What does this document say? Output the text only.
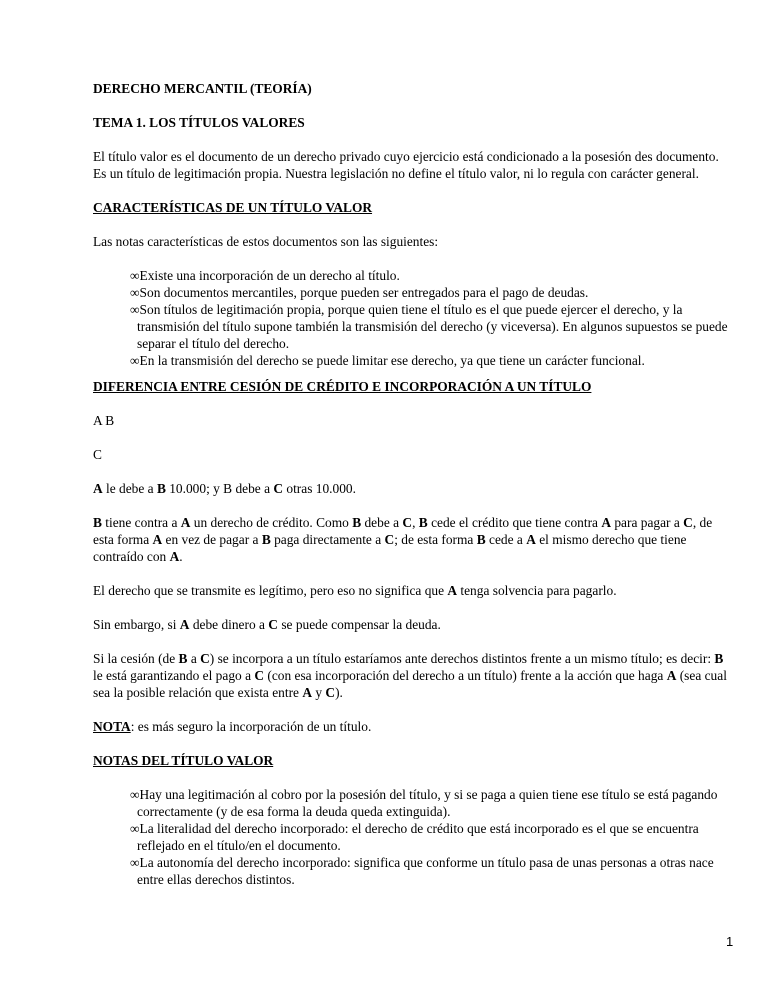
DERECHO MERCANTIL (TEORÍA)
TEMA 1. LOS TÍTULOS VALORES

El título valor es el documento de un derecho privado cuyo ejercicio está condicionado a la posesión des documento. Es un título de legitimación propia. Nuestra legislación no define el título valor, ni lo regula con carácter general.

CARACTERÍSTICAS DE UN TÍTULO VALOR

Las notas características de estos documentos son las siguientes:

∞Existe una incorporación de un derecho al título.
∞Son documentos mercantiles, porque pueden ser entregados para el pago de deudas.
∞Son títulos de legitimación propia, porque quien tiene el título es el que puede ejercer el derecho, y la transmisión del título supone también la transmisión del derecho (y viceversa). En algunos supuestos se puede separar el título del derecho.
∞En la transmisión del derecho se puede limitar ese derecho, ya que tiene un carácter funcional.
DIFERENCIA ENTRE CESIÓN DE CRÉDITO E INCORPORACIÓN A UN TÍTULO

A B

C

A le debe a B 10.000; y B debe a C otras 10.000.

B tiene contra a A un derecho de crédito. Como B debe a C, B cede el crédito que tiene contra A para pagar a C, de esta forma A en vez de pagar a B paga directamente a C; de esta forma B cede a A el mismo derecho que tiene contraído con A.

El derecho que se transmite es legítimo, pero eso no significa que A tenga solvencia para pagarlo.

Sin embargo, si A debe dinero a C se puede compensar la deuda.

Si la cesión (de B a C) se incorpora a un título estaríamos ante derechos distintos frente a un mismo título; es decir: B le está garantizando el pago a C (con esa incorporación del derecho a un título) frente a la acción que haga A (sea cual sea la posible relación que exista entre A y C).

NOTA: es más seguro la incorporación de un título.

NOTAS DEL TÍTULO VALOR
∞Hay una legitimación al cobro por la posesión del título, y si se paga a quien tiene ese título se está pagando correctamente (y de esa forma la deuda queda extinguida).
∞La literalidad del derecho incorporado: el derecho de crédito que está incorporado es el que se encuentra reflejado en el título/en el documento.
∞La autonomía del derecho incorporado: significa que conforme un título pasa de unas personas a otras nace entre ellas derechos distintos.
1
